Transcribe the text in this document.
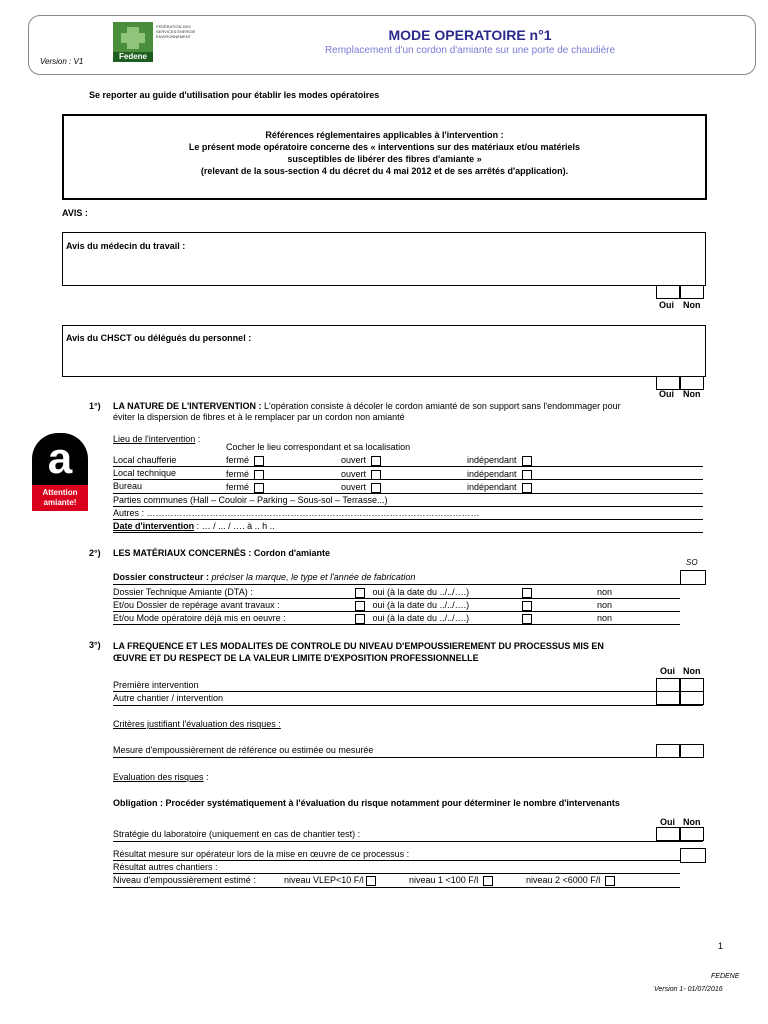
Fedene
FÉDÉRATION DES SERVICES ÉNERGIE ENVIRONNEMENT	MODE OPERATOIRE n°1
Remplacement d'un cordon d'amiante sur une porte de chaudière
Version : V1
Se reporter au guide d'utilisation pour établir les modes opératoires
Références réglementaires applicables à l'intervention :
Le présent mode opératoire concerne des « interventions sur des matériaux et/ou matériels
susceptibles de libérer des fibres d'amiante »
(relevant de la sous-section 4 du décret du 4 mai 2012 et de ses arrêtés d'application).
AVIS :
Avis du médecin du travail :
Oui Non
Avis du CHSCT ou délégués du personnel :
Oui Non
1°) LA NATURE DE L'INTERVENTION : L'opération consiste à décoler le cordon amianté de son support sans l'endommager pour
éviter la dispersion de fibres et à le remplacer par un cordon non amianté
a
Attention
amiante!
Lieu de l'intervention :
Cocher le lieu correspondant et sa localisation
Local chaufferie	fermé	ouvert	indépendant
Local technique	fermé	ouvert	indépendant
Bureau	fermé	ouvert	indépendant
Parties communes (Hall – Couloir – Parking – Sous-sol – Terrasse...)
Autres : …………………………………………………………………………………………………
Date d'intervention : … / ... / …. à .. h ..
2°) LES MATÉRIAUX CONCERNÉS : Cordon d'amiante
SO
Dossier constructeur : préciser la marque, le type et l'année de fabrication
Dossier Technique Amiante (DTA) :	oui (à la date du ../../….)	non
Et/ou Dossier de repérage avant travaux :	oui (à la date du ../../….)	non
Et/ou Mode opératoire déjà mis en oeuvre :	oui (à la date du ../../….)	non
3°) LA FREQUENCE ET LES MODALITES DE CONTROLE DU NIVEAU D'EMPOUSSIEREMENT DU PROCESSUS MIS EN
ŒUVRE ET DU RESPECT DE LA VALEUR LIMITE D'EXPOSITION PROFESSIONNELLE
Oui Non
Première intervention
Autre chantier / intervention
Critères justifiant l'évaluation des risques :
Mesure d'empoussièrement de référence ou estimée ou mesurée
Evaluation des risques :
Obligation : Procéder systématiquement à l'évaluation du risque notamment pour déterminer le nombre d'intervenants
Oui Non
Stratégie du laboratoire (uniquement en cas de chantier test) :
Résultat mesure sur opérateur lors de la mise en œuvre de ce processus :
Résultat autres chantiers :
Niveau d'empoussièrement estimé :	niveau VLEP<10 F/l	niveau 1 <100 F/l	niveau 2 <6000 F/l
1
FEDENE
Version 1- 01/07/2016
